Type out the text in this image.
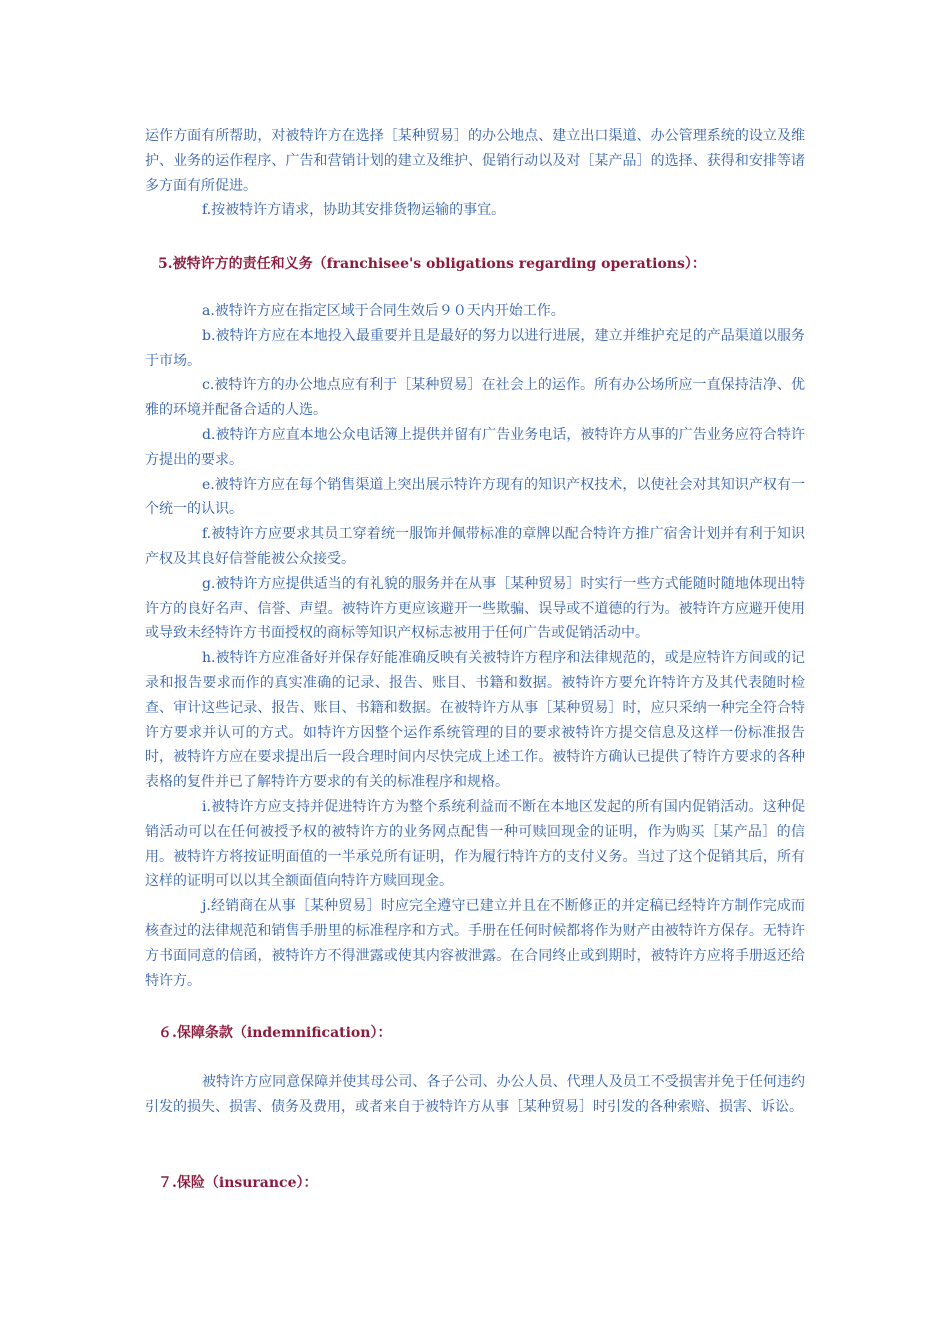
运作方面有所帮助，对被特许方在选择［某种贸易］的办公地点、建立出口渠道、办公管理系统的设立及维护、业务的运作程序、广告和营销计划的建立及维护、促销行动以及对［某产品］的选择、获得和安排等诸多方面有所促进。

f.按被特许方请求，协助其安排货物运输的事宜。

5.被特许方的责任和义务（franchisee's obligations regarding operations）：

a.被特许方应在指定区域于合同生效后９０天内开始工作。

b.被特许方应在本地投入最重要并且是最好的努力以进行进展，建立并维护充足的产品渠道以服务于市场。

c.被特许方的办公地点应有利于［某种贸易］在社会上的运作。所有办公场所应一直保持洁净、优雅的环境并配备合适的人选。

d.被特许方应直本地公众电话簿上提供并留有广告业务电话，被特许方从事的广告业务应符合特许方提出的要求。

e.被特许方应在每个销售渠道上突出展示特许方现有的知识产权技术，以使社会对其知识产权有一个统一的认识。

f.被特许方应要求其员工穿着统一服饰并佩带标准的章牌以配合特许方推广宿舍计划并有利于知识产权及其良好信誉能被公众接受。

g.被特许方应提供适当的有礼貌的服务并在从事［某种贸易］时实行一些方式能随时随地体现出特许方的良好名声、信誉、声望。被特许方更应该避开一些欺骗、误导或不道德的行为。被特许方应避开使用或导致未经特许方书面授权的商标等知识产权标志被用于任何广告或促销活动中。

h.被特许方应准备好并保存好能准确反映有关被特许方程序和法律规范的，或是应特许方间或的记录和报告要求而作的真实准确的记录、报告、账目、书籍和数据。被特许方要允许特许方及其代表随时检查、审计这些记录、报告、账目、书籍和数据。在被特许方从事［某种贸易］时，应只采纳一种完全符合特许方要求并认可的方式。如特许方因整个运作系统管理的目的要求被特许方提交信息及这样一份标准报告时，被特许方应在要求提出后一段合理时间内尽快完成上述工作。被特许方确认已提供了特许方要求的各种表格的复件并已了解特许方要求的有关的标准程序和规格。

i.被特许方应支持并促进特许方为整个系统利益而不断在本地区发起的所有国内促销活动。这种促销活动可以在任何被授予权的被特许方的业务网点配售一种可赎回现金的证明，作为购买［某产品］的信用。被特许方将按证明面值的一半承兑所有证明，作为履行特许方的支付义务。当过了这个促销其后，所有这样的证明可以以其全额面值向特许方赎回现金。

j.经销商在从事［某种贸易］时应完全遵守已建立并且在不断修正的并定稿已经特许方制作完成而核查过的法律规范和销售手册里的标准程序和方式。手册在任何时候都将作为财产由被特许方保存。无特许方书面同意的信函，被特许方不得泄露或使其内容被泄露。在合同终止或到期时，被特许方应将手册返还给特许方。

６.保障条款（indemnification）：

被特许方应同意保障并使其母公司、各子公司、办公人员、代理人及员工不受损害并免于任何违约引发的损失、损害、债务及费用，或者来自于被特许方从事［某种贸易］时引发的各种索赔、损害、诉讼。

７.保险（insurance）：
